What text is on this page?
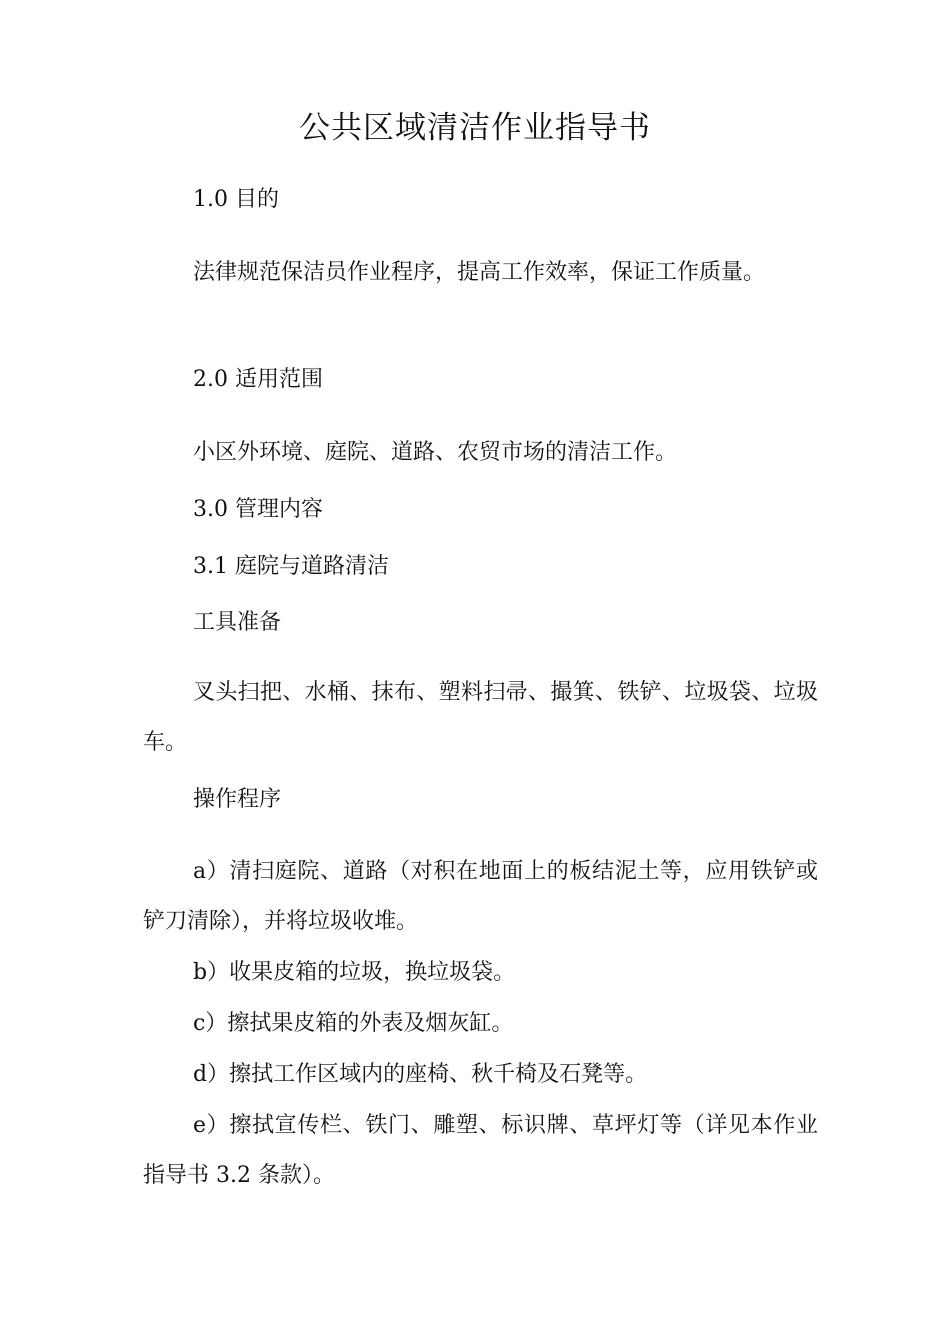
公共区域清洁作业指导书

1.0 目的

法律规范保洁员作业程序，提高工作效率，保证工作质量。

2.0 适用范围

小区外环境、庭院、道路、农贸市场的清洁工作。

3.0 管理内容

3.1 庭院与道路清洁

工具准备

叉头扫把、水桶、抹布、塑料扫帚、撮箕、铁铲、垃圾袋、垃圾车。

操作程序

a）清扫庭院、道路（对积在地面上的板结泥土等，应用铁铲或铲刀清除），并将垃圾收堆。

b）收果皮箱的垃圾，换垃圾袋。

c）擦拭果皮箱的外表及烟灰缸。

d）擦拭工作区域内的座椅、秋千椅及石凳等。

e）擦拭宣传栏、铁门、雕塑、标识牌、草坪灯等（详见本作业指导书 3.2 条款）。
